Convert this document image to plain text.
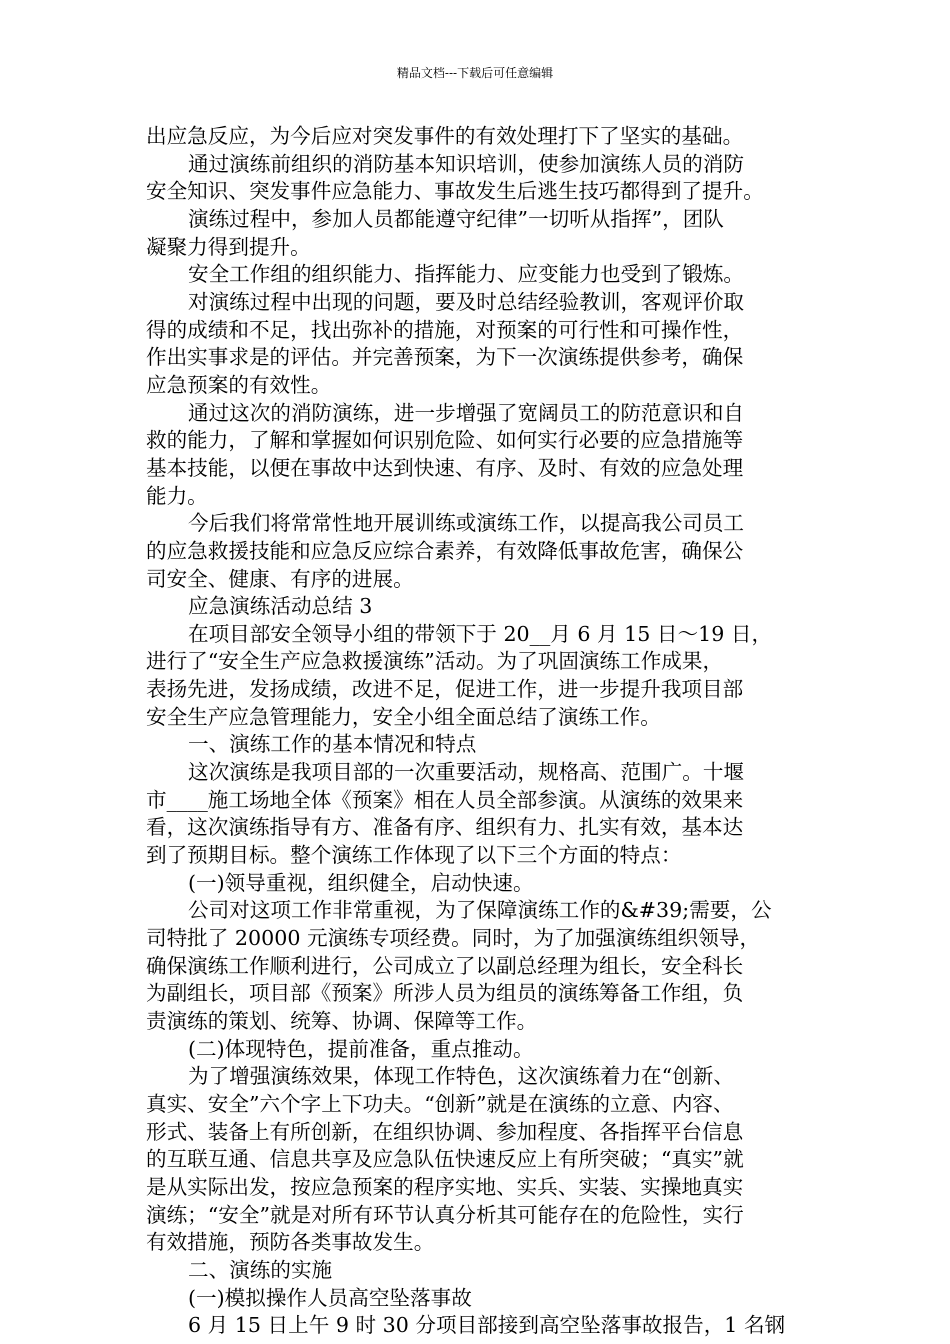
精品文档---下载后可任意编辑

出应急反应，为今后应对突发事件的有效处理打下了坚实的基础。

通过演练前组织的消防基本知识培训，使参加演练人员的消防

安全知识、突发事件应急能力、事故发生后逃生技巧都得到了提升。

演练过程中，参加人员都能遵守纪律”一切听从指挥”，团队

凝聚力得到提升。

安全工作组的组织能力、指挥能力、应变能力也受到了锻炼。

对演练过程中出现的问题，要及时总结经验教训，客观评价取

得的成绩和不足，找出弥补的措施，对预案的可行性和可操作性，

作出实事求是的评估。并完善预案，为下一次演练提供参考，确保

应急预案的有效性。

通过这次的消防演练，进一步增强了宽阔员工的防范意识和自

救的能力，了解和掌握如何识别危险、如何实行必要的应急措施等

基本技能，以便在事故中达到快速、有序、及时、有效的应急处理

能力。

今后我们将常常性地开展训练或演练工作，以提高我公司员工

的应急救援技能和应急反应综合素养，有效降低事故危害，确保公

司安全、健康、有序的进展。

应急演练活动总结 3

在项目部安全领导小组的带领下于 20__月 6 月 15 日～19 日，

进行了“安全生产应急救援演练”活动。为了巩固演练工作成果，

表扬先进，发扬成绩，改进不足，促进工作，进一步提升我项目部

安全生产应急管理能力，安全小组全面总结了演练工作。

一、演练工作的基本情况和特点

这次演练是我项目部的一次重要活动，规格高、范围广。十堰

市____施工场地全体《预案》相在人员全部参演。从演练的效果来

看，这次演练指导有方、准备有序、组织有力、扎实有效，基本达

到了预期目标。整个演练工作体现了以下三个方面的特点：

(一)领导重视，组织健全，启动快速。

公司对这项工作非常重视，为了保障演练工作的&#39;需要，公

司特批了 20000 元演练专项经费。同时，为了加强演练组织领导，

确保演练工作顺利进行，公司成立了以副总经理为组长，安全科长

为副组长，项目部《预案》所涉人员为组员的演练筹备工作组，负

责演练的策划、统筹、协调、保障等工作。

(二)体现特色，提前准备，重点推动。

为了增强演练效果，体现工作特色，这次演练着力在“创新、

真实、安全”六个字上下功夫。“创新”就是在演练的立意、内容、

形式、装备上有所创新，在组织协调、参加程度、各指挥平台信息

的互联互通、信息共享及应急队伍快速反应上有所突破；“真实”就

是从实际出发，按应急预案的程序实地、实兵、实装、实操地真实

演练；“安全”就是对所有环节认真分析其可能存在的危险性，实行

有效措施，预防各类事故发生。

二、演练的实施

(一)模拟操作人员高空坠落事故

6 月 15 日上午 9 时 30 分项目部接到高空坠落事故报告，1 名钢
